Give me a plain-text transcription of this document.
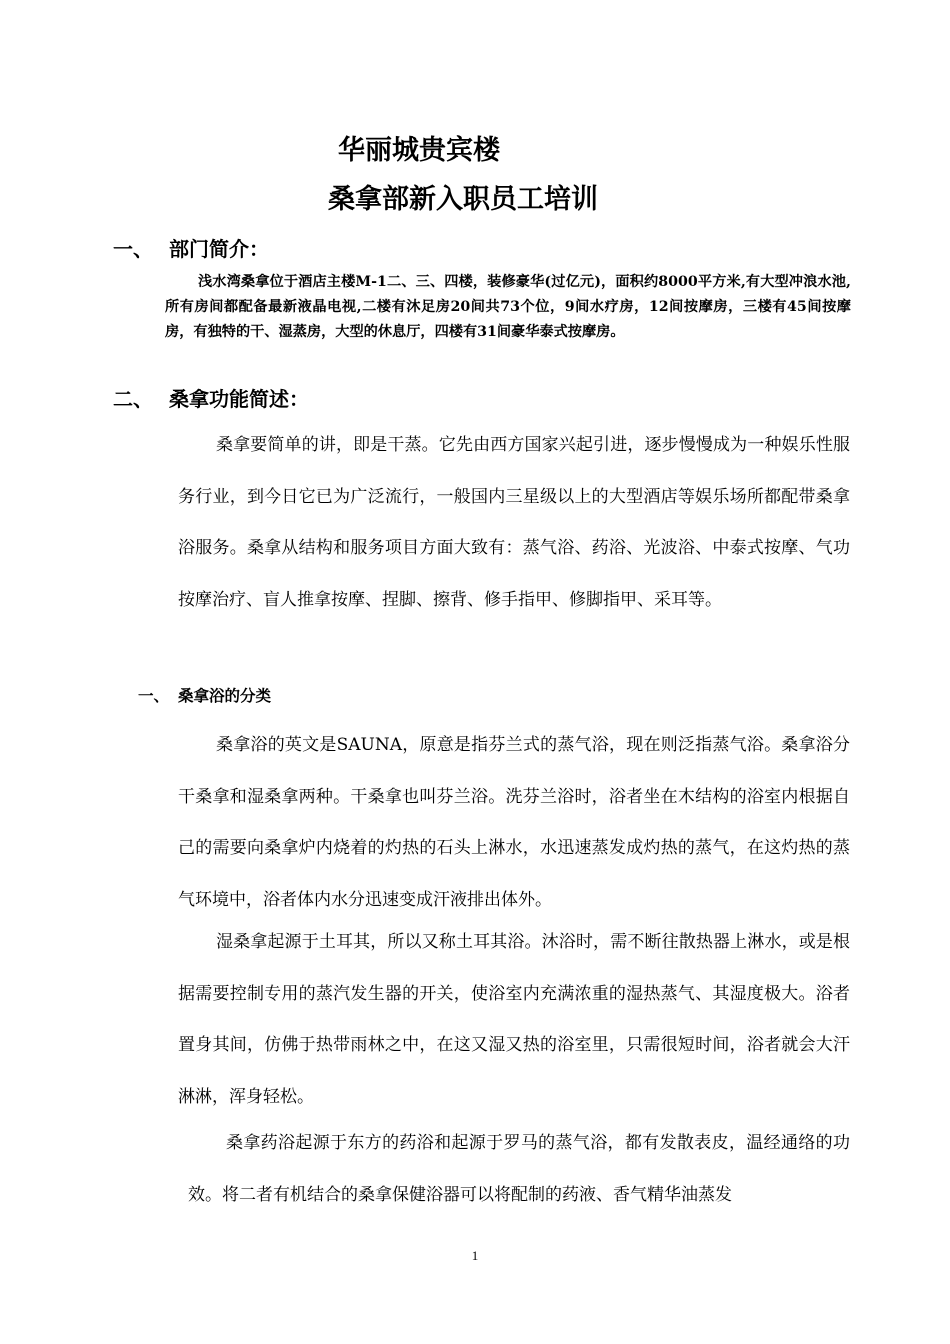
华丽城贵宾楼
桑拿部新入职员工培训
一、 部门简介：

浅水湾桑拿位于酒店主楼M-1二、三、四楼，装修豪华(过亿元)，面积约8000平方米,有大型冲浪水池,所有房间都配备最新液晶电视,二楼有沐足房20间共73个位，9间水疗房，12间按摩房，三楼有45间按摩房，有独特的干、湿蒸房，大型的休息厅，四楼有31间豪华泰式按摩房。

二、 桑拿功能简述：

桑拿要简单的讲，即是干蒸。它先由西方国家兴起引进，逐步慢慢成为一种娱乐性服务行业，到今日它已为广泛流行，一般国内三星级以上的大型酒店等娱乐场所都配带桑拿浴服务。桑拿从结构和服务项目方面大致有：蒸气浴、药浴、光波浴、中泰式按摩、气功按摩治疗、盲人推拿按摩、捏脚、擦背、修手指甲、修脚指甲、采耳等。

一、 桑拿浴的分类

桑拿浴的英文是SAUNA，原意是指芬兰式的蒸气浴，现在则泛指蒸气浴。桑拿浴分干桑拿和湿桑拿两种。干桑拿也叫芬兰浴。洗芬兰浴时，浴者坐在木结构的浴室内根据自己的需要向桑拿炉内烧着的灼热的石头上淋水，水迅速蒸发成灼热的蒸气，在这灼热的蒸气环境中，浴者体内水分迅速变成汗液排出体外。

湿桑拿起源于土耳其，所以又称土耳其浴。沐浴时，需不断往散热器上淋水，或是根据需要控制专用的蒸汽发生器的开关，使浴室内充满浓重的湿热蒸气、其湿度极大。浴者置身其间，仿佛于热带雨林之中，在这又湿又热的浴室里，只需很短时间，浴者就会大汗淋淋，浑身轻松。

桑拿药浴起源于东方的药浴和起源于罗马的蒸气浴，都有发散表皮，温经通络的功效。将二者有机结合的桑拿保健浴器可以将配制的药液、香气精华油蒸发

1
